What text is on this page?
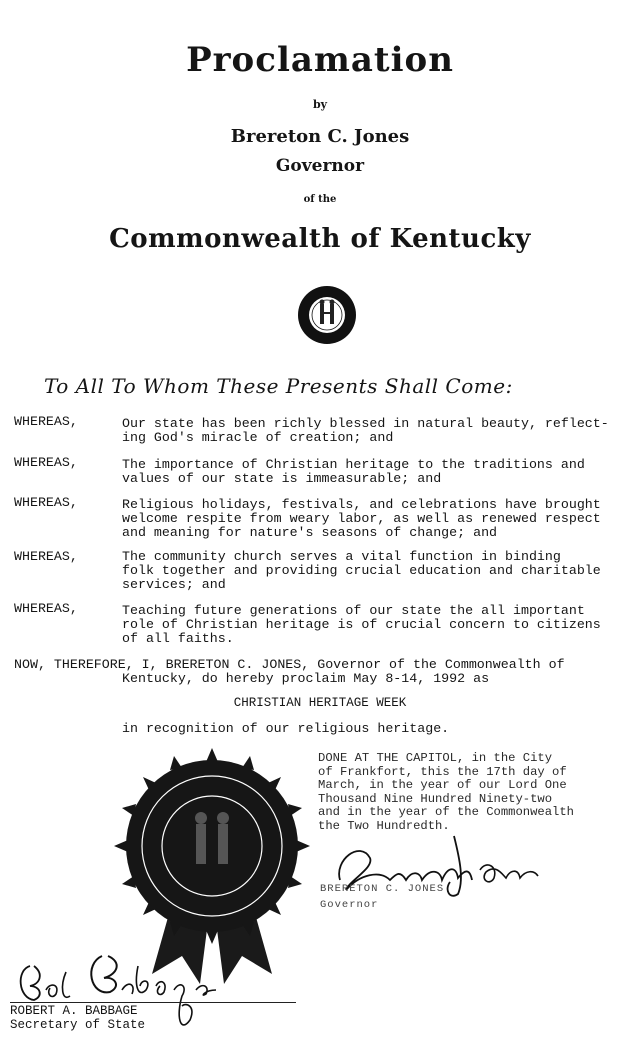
Proclamation
by
Brereton C. Jones
Governor
of the
Commonwealth of Kentucky
To All To Whom These Presents Shall Come:
WHEREAS,	Our state has been richly blessed in natural beauty, reflect-
ing God's miracle of creation; and
WHEREAS,	The importance of Christian heritage to the traditions and
values of our state is immeasurable; and
WHEREAS,	Religious holidays, festivals, and celebrations have brought
welcome respite from weary labor, as well as renewed respect
and meaning for nature's seasons of change; and
WHEREAS,	The community church serves a vital function in binding
folk together and providing crucial education and charitable
services; and
WHEREAS,	Teaching future generations of our state the all important
role of Christian heritage is of crucial concern to citizens
of all faiths.
NOW, THEREFORE, I, BRERETON C. JONES, Governor of the Commonwealth of
Kentucky, do hereby proclaim May 8-14, 1992 as
CHRISTIAN HERITAGE WEEK
in recognition of our religious heritage.
DONE AT THE CAPITOL, in the City
of Frankfort, this the 17th day of
March, in the year of our Lord One
Thousand Nine Hundred Ninety-two
and in the year of the Commonwealth
the Two Hundredth.
BRERETON C. JONES
Governor
ROBERT A. BABBAGE
Secretary of State
